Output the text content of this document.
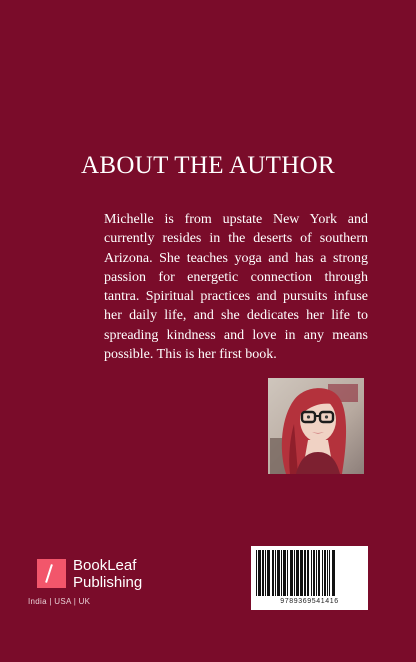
ABOUT THE AUTHOR
Michelle is from upstate New York and currently resides in the deserts of southern Arizona. She teaches yoga and has a strong passion for energetic connection through tantra. Spiritual practices and pursuits infuse her daily life, and she dedicates her life to spreading kindness and love in any means possible. This is her first book.
BookLeaf
Publishing
India | USA | UK	9789369541416
